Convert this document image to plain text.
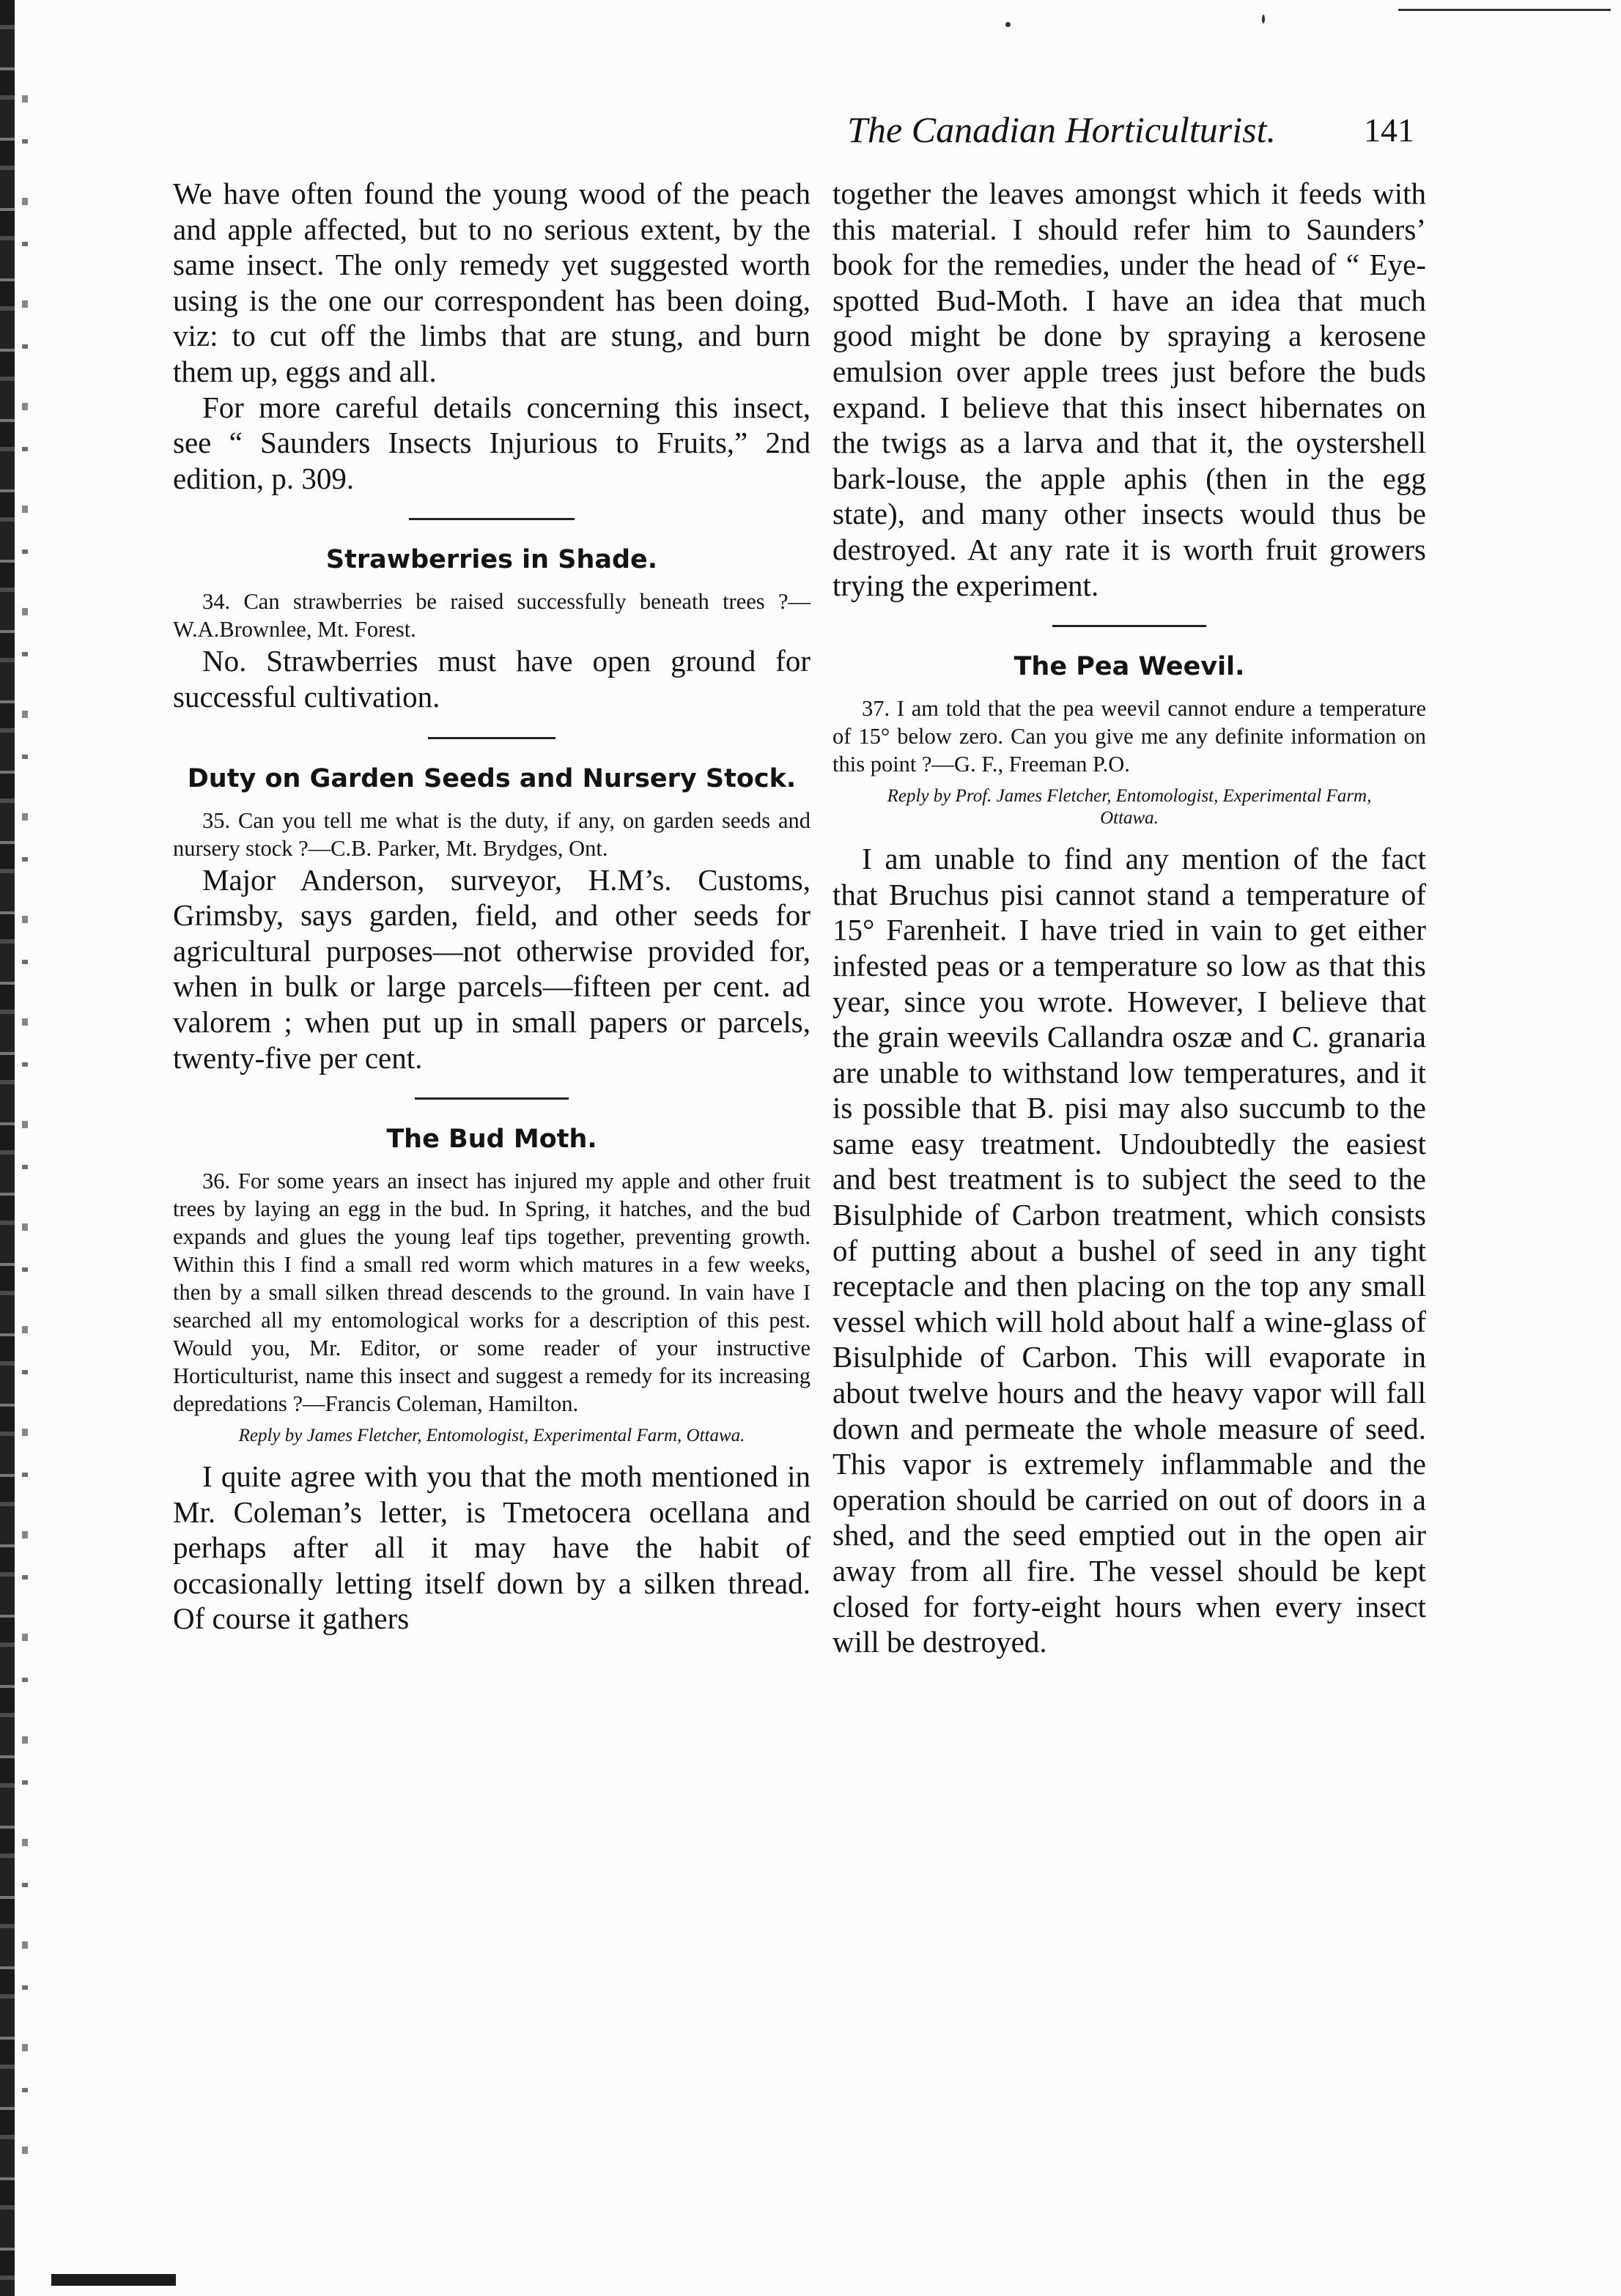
The Canadian Horticulturist.	141

We have often found the young wood of the peach and apple affected, but to no serious extent, by the same insect. The only remedy yet suggested worth using is the one our correspondent has been doing, viz: to cut off the limbs that are stung, and burn them up, eggs and all.

For more careful details concerning this insect, see “ Saunders Insects Injurious to Fruits,” 2nd edition, p. 309.

Strawberries in Shade.

34. Can strawberries be raised successfully beneath trees ?—W.A.Brownlee, Mt. Forest.

No. Strawberries must have open ground for successful cultivation.

Duty on Garden Seeds and Nursery Stock.

35. Can you tell me what is the duty, if any, on garden seeds and nursery stock ?—C.B. Parker, Mt. Brydges, Ont.

Major Anderson, surveyor, H.M’s. Customs, Grimsby, says garden, field, and other seeds for agricultural purposes—not otherwise provided for, when in bulk or large parcels—fifteen per cent. ad valorem ; when put up in small papers or parcels, twenty-five per cent.

The Bud Moth.

36. For some years an insect has injured my apple and other fruit trees by laying an egg in the bud. In Spring, it hatches, and the bud expands and glues the young leaf tips together, preventing growth. Within this I find a small red worm which matures in a few weeks, then by a small silken thread descends to the ground. In vain have I searched all my entomological works for a description of this pest. Would you, Mr. Editor, or some reader of your instructive Horticulturist, name this insect and suggest a remedy for its increasing depredations ?—Francis Coleman, Hamilton.

Reply by James Fletcher, Entomologist, Experimental Farm, Ottawa.

I quite agree with you that the moth mentioned in Mr. Coleman’s letter, is Tmetocera ocellana and perhaps after all it may have the habit of occasionally letting itself down by a silken thread. Of course it gathers

together the leaves amongst which it feeds with this material. I should refer him to Saunders’ book for the remedies, under the head of “ Eye-spotted Bud-Moth. I have an idea that much good might be done by spraying a kerosene emulsion over apple trees just before the buds expand. I believe that this insect hibernates on the twigs as a larva and that it, the oystershell bark-louse, the apple aphis (then in the egg state), and many other insects would thus be destroyed. At any rate it is worth fruit growers trying the experiment.

The Pea Weevil.

37. I am told that the pea weevil cannot endure a temperature of 15° below zero. Can you give me any definite information on this point ?—G. F., Freeman P.O.

Reply by Prof. James Fletcher, Entomologist, Experimental Farm, Ottawa.

I am unable to find any mention of the fact that Bruchus pisi cannot stand a temperature of 15° Farenheit. I have tried in vain to get either infested peas or a temperature so low as that this year, since you wrote. However, I believe that the grain weevils Callandra oszæ and C. granaria are unable to withstand low temperatures, and it is possible that B. pisi may also succumb to the same easy treatment. Undoubtedly the easiest and best treatment is to subject the seed to the Bisulphide of Carbon treatment, which consists of putting about a bushel of seed in any tight receptacle and then placing on the top any small vessel which will hold about half a wine-glass of Bisulphide of Carbon. This will evaporate in about twelve hours and the heavy vapor will fall down and permeate the whole measure of seed. This vapor is extremely inflammable and the operation should be carried on out of doors in a shed, and the seed emptied out in the open air away from all fire. The vessel should be kept closed for forty-eight hours when every insect will be destroyed.
